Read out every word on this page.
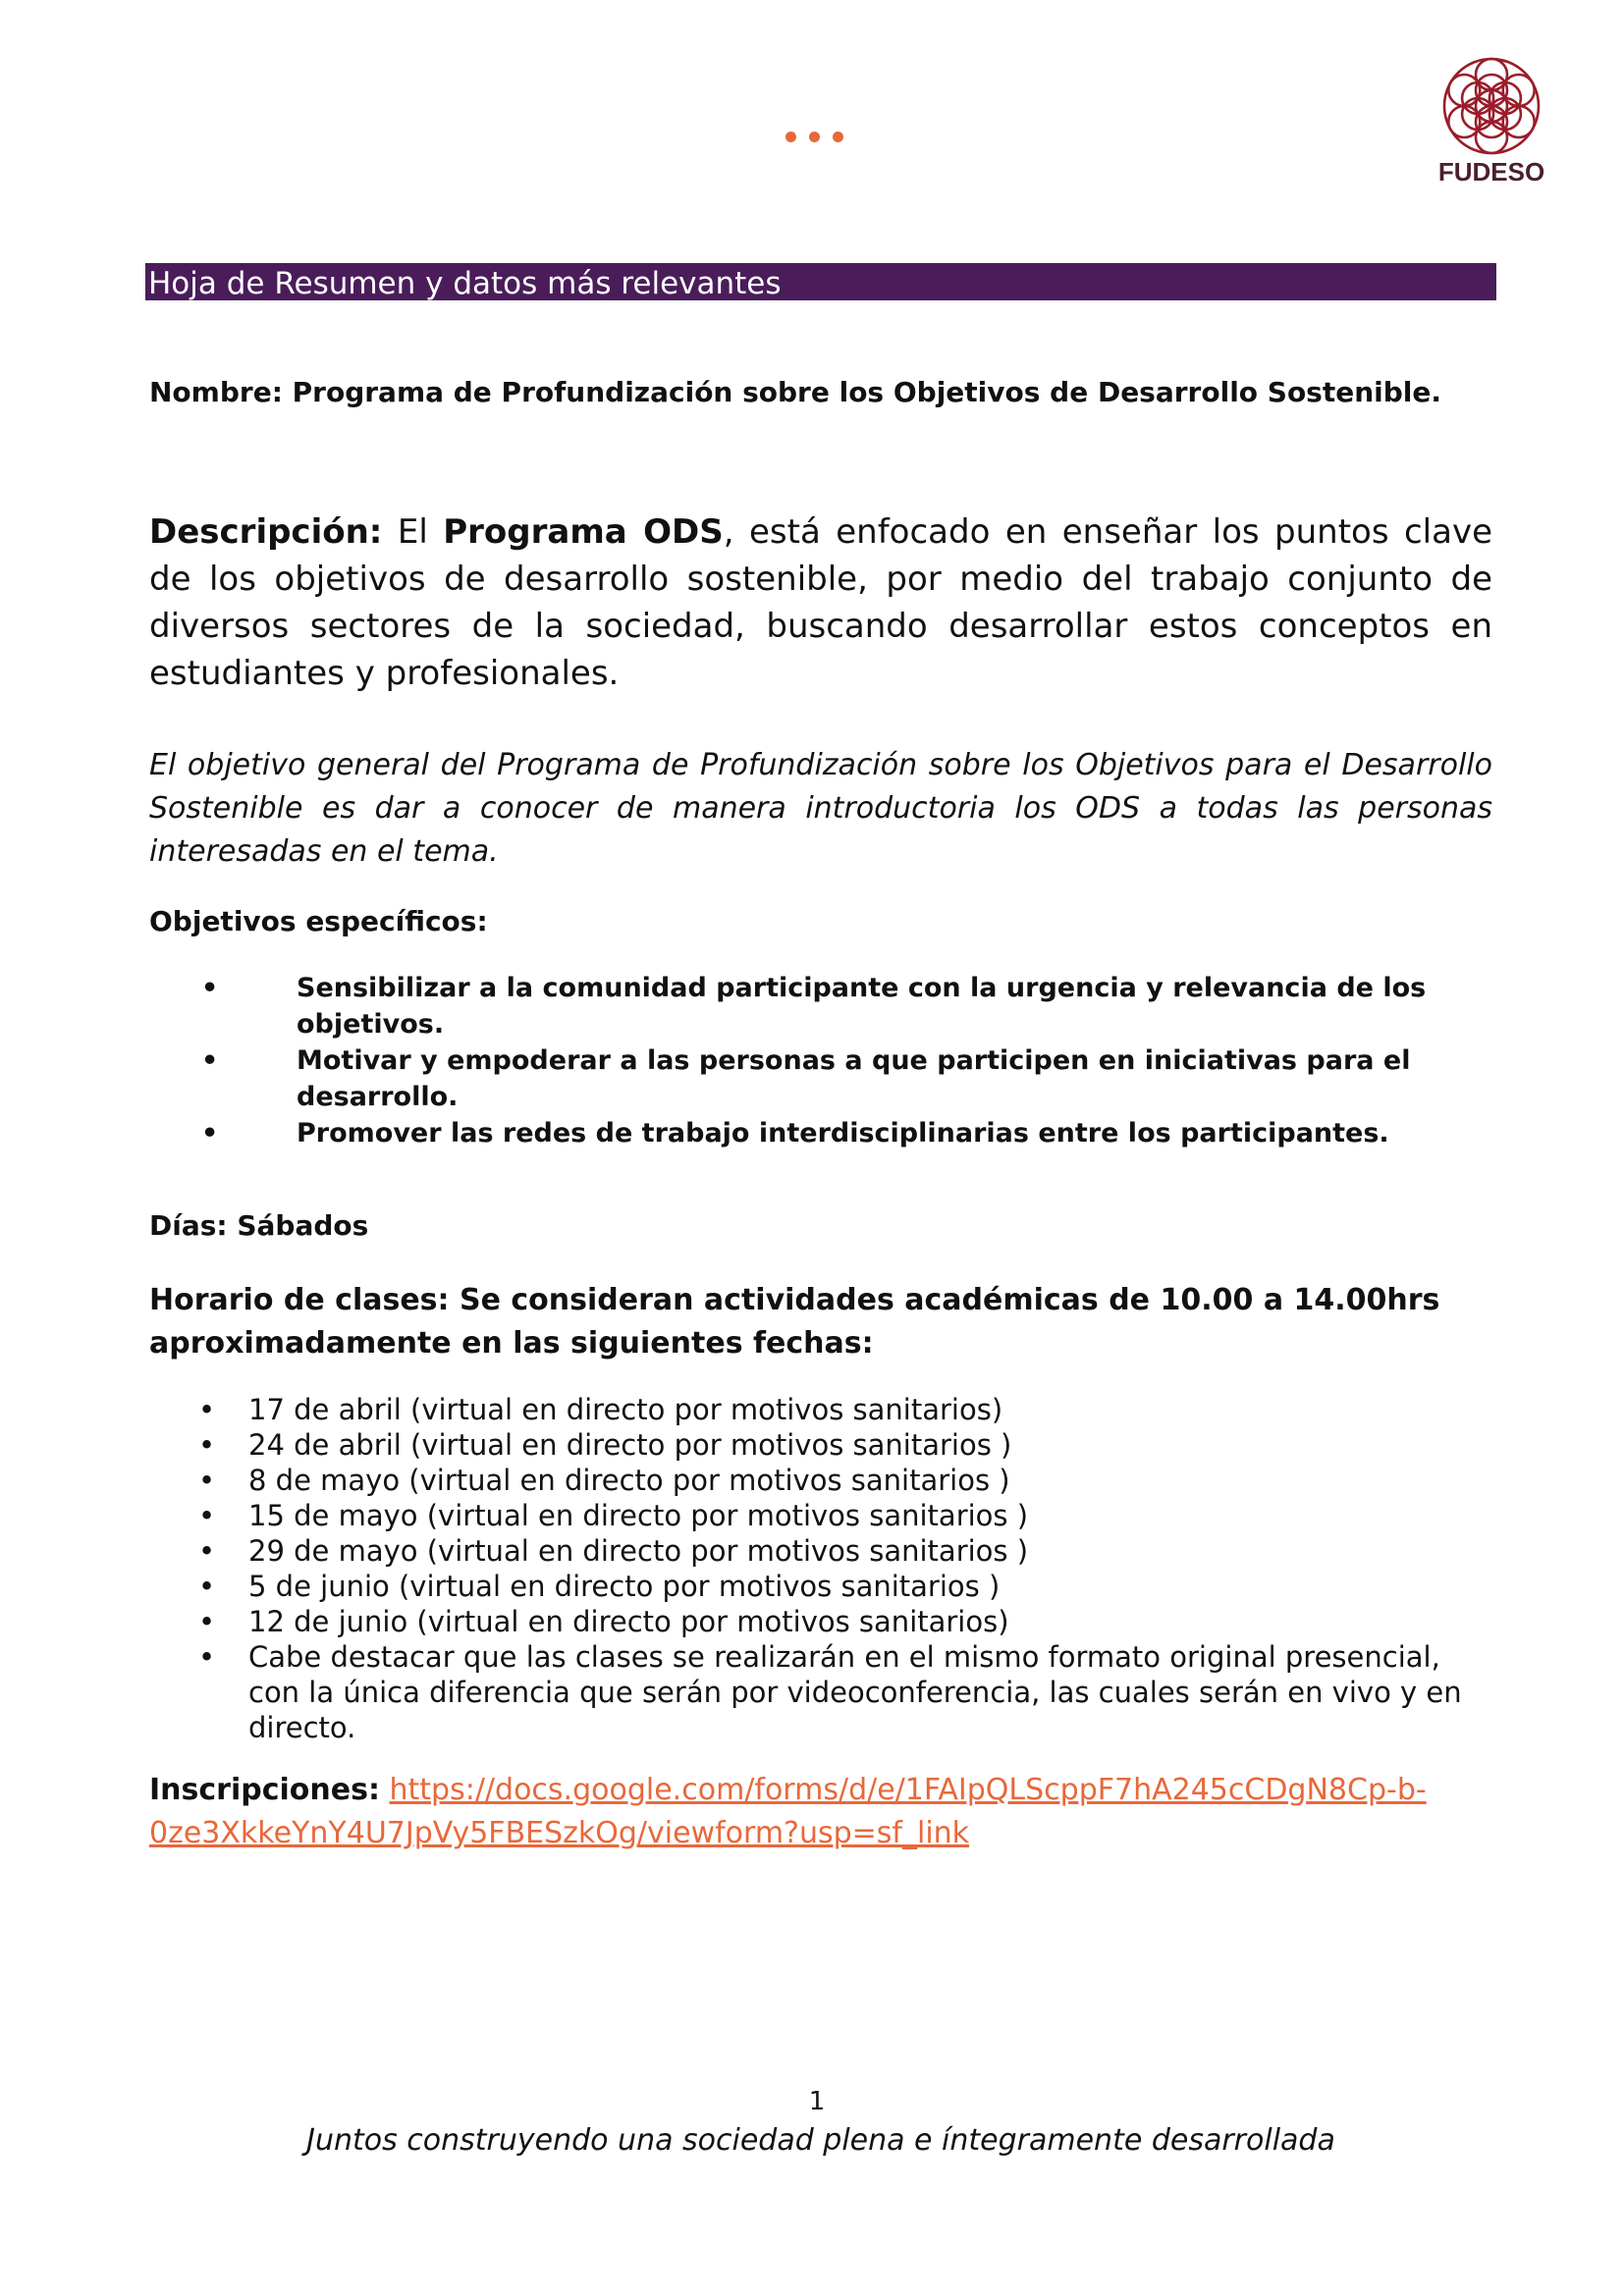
FUDESO
Hoja de Resumen y datos más relevantes
Nombre: Programa de Profundización sobre los Objetivos de Desarrollo Sostenible.
Descripción: El Programa ODS, está enfocado en enseñar los puntos clave de los objetivos de desarrollo sostenible, por medio del trabajo conjunto de diversos sectores de la sociedad, buscando desarrollar estos conceptos en estudiantes y profesionales.
El objetivo general del Programa de Profundización sobre los Objetivos para el Desarrollo Sostenible es dar a conocer de manera introductoria los ODS a todas las personas interesadas en el tema.
Objetivos específicos:
•	Sensibilizar a la comunidad participante con la urgencia y relevancia de los objetivos.
•	Motivar y empoderar a las personas a que participen en iniciativas para el desarrollo.
•	Promover las redes de trabajo interdisciplinarias entre los participantes.
Días: Sábados
Horario de clases: Se consideran actividades académicas de 10.00 a 14.00hrs aproximadamente en las siguientes fechas:
• 17 de abril (virtual en directo por motivos sanitarios)
• 24 de abril (virtual en directo por motivos sanitarios )
• 8 de mayo (virtual en directo por motivos sanitarios )
• 15 de mayo (virtual en directo por motivos sanitarios )
• 29 de mayo (virtual en directo por motivos sanitarios )
• 5 de junio (virtual en directo por motivos sanitarios )
• 12 de junio (virtual en directo por motivos sanitarios)
• Cabe destacar que las clases se realizarán en el mismo formato original presencial, con la única diferencia que serán por videoconferencia, las cuales serán en vivo y en directo.
Inscripciones: https://docs.google.com/forms/d/e/1FAIpQLScppF7hA245cCDgN8Cp-b-
0ze3XkkeYnY4U7JpVy5FBESzkOg/viewform?usp=sf_link
1
Juntos construyendo una sociedad plena e íntegramente desarrollada
